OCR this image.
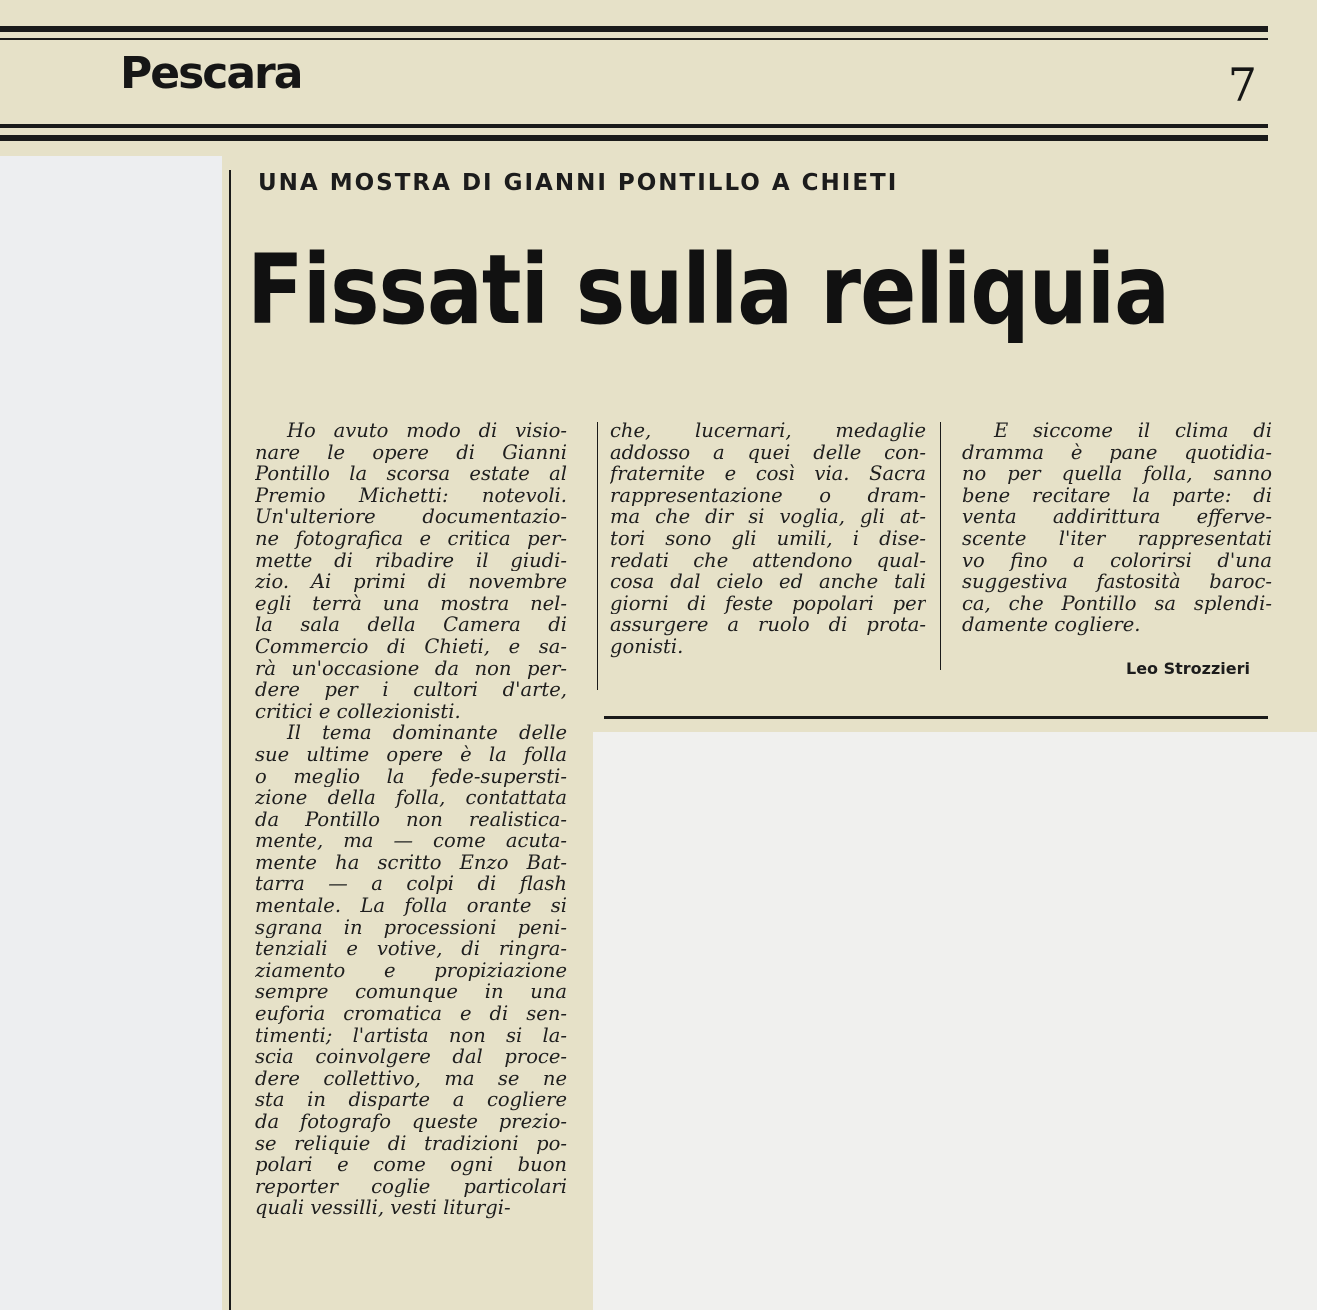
Pescara	7
UNA MOSTRA DI GIANNI PONTILLO A CHIETI
Fissati sulla reliquia
Ho avuto modo di visio-
nare le opere di Gianni
Pontillo la scorsa estate al
Premio Michetti: notevoli.
Un'ulteriore documentazio-
ne fotografica e critica per-
mette di ribadire il giudi-
zio. Ai primi di novembre
egli terrà una mostra nel-
la sala della Camera di
Commercio di Chieti, e sa-
rà un'occasione da non per-
dere per i cultori d'arte,
critici e collezionisti.
Il tema dominante delle
sue ultime opere è la folla
o meglio la fede-supersti-
zione della folla, contattata
da Pontillo non realistica-
mente, ma — come acuta-
mente ha scritto Enzo Bat-
tarra — a colpi di flash
mentale. La folla orante si
sgrana in processioni peni-
tenziali e votive, di ringra-
ziamento e propiziazione
sempre comunque in una
euforia cromatica e di sen-
timenti; l'artista non si la-
scia coinvolgere dal proce-
dere collettivo, ma se ne
sta in disparte a cogliere
da fotografo queste prezio-
se reliquie di tradizioni po-
polari e come ogni buon
reporter coglie particolari
quali vessilli, vesti liturgi-
che, lucernari, medaglie
addosso a quei delle con-
fraternite e così via. Sacra
rappresentazione o dram-
ma che dir si voglia, gli at-
tori sono gli umili, i dise-
redati che attendono qual-
cosa dal cielo ed anche tali
giorni di feste popolari per
assurgere a ruolo di prota-
gonisti.
E siccome il clima di
dramma è pane quotidia-
no per quella folla, sanno
bene recitare la parte: di
venta addirittura efferve-
scente l'iter rappresentati
vo fino a colorirsi d'una
suggestiva fastosità baroc-
ca, che Pontillo sa splendi-
damente cogliere.
Leo Strozzieri
